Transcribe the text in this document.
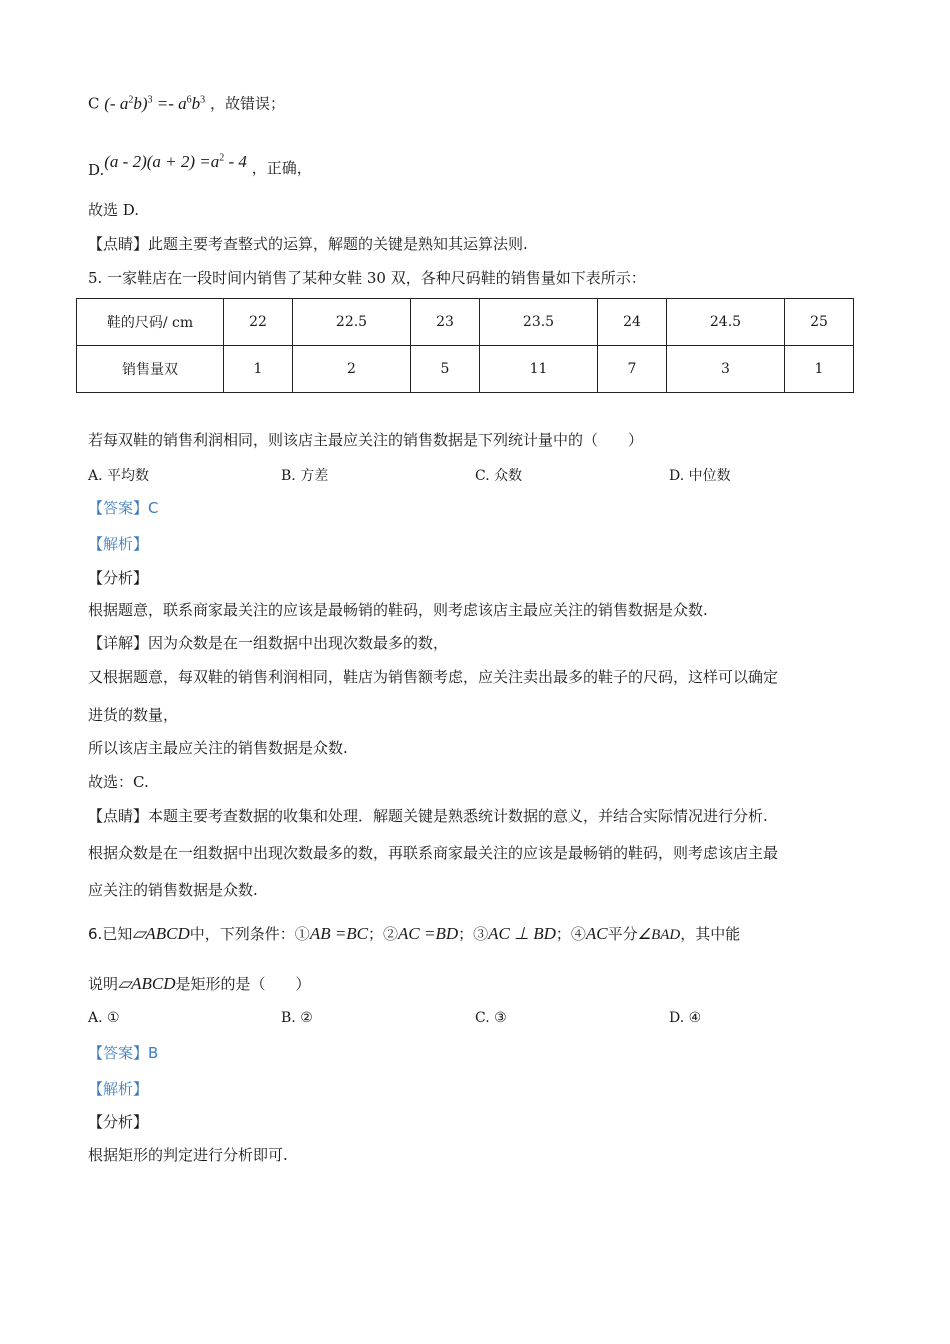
C (- $a^2b)^3 =- a^6b^3$ ，故错误；
$D.(a - 2)(a + 2) =a^2 - 4$ ，正确，
故选 D.
【点睛】此题主要考查整式的运算，解题的关键是熟知其运算法则.
5. 一家鞋店在一段时间内销售了某种女鞋 30 双，各种尺码鞋的销售量如下表所示：
鞋的尺码/ cm	22	22.5	23	23.5	24	24.5	25
销售量双	1	2	5	11	7	3	1
若每双鞋的销售利润相同，则该店主最应关注的销售数据是下列统计量中的（　　）
A. 平均数	B. 方差	C. 众数	D. 中位数
【答案】C
【解析】
【分析】
根据题意，联系商家最关注的应该是最畅销的鞋码，则考虑该店主最应关注的销售数据是众数.
【详解】因为众数是在一组数据中出现次数最多的数，
又根据题意，每双鞋的销售利润相同，鞋店为销售额考虑，应关注卖出最多的鞋子的尺码，这样可以确定
进货的数量，
所以该店主最应关注的销售数据是众数.
故选：C.
【点睛】本题主要考查数据的收集和处理．解题关键是熟悉统计数据的意义，并结合实际情况进行分析.
根据众数是在一组数据中出现次数最多的数，再联系商家最关注的应该是最畅销的鞋码，则考虑该店主最
应关注的销售数据是众数.
6.已知▱ABCD中，下列条件：①AB =BC；②AC =BD；③AC ⊥ BD；④AC平分∠BAD，其中能
说明▱ABCD是矩形的是（　　）
A. ①	B. ②	C. ③	D. ④
【答案】B
【解析】
【分析】
根据矩形的判定进行分析即可.
